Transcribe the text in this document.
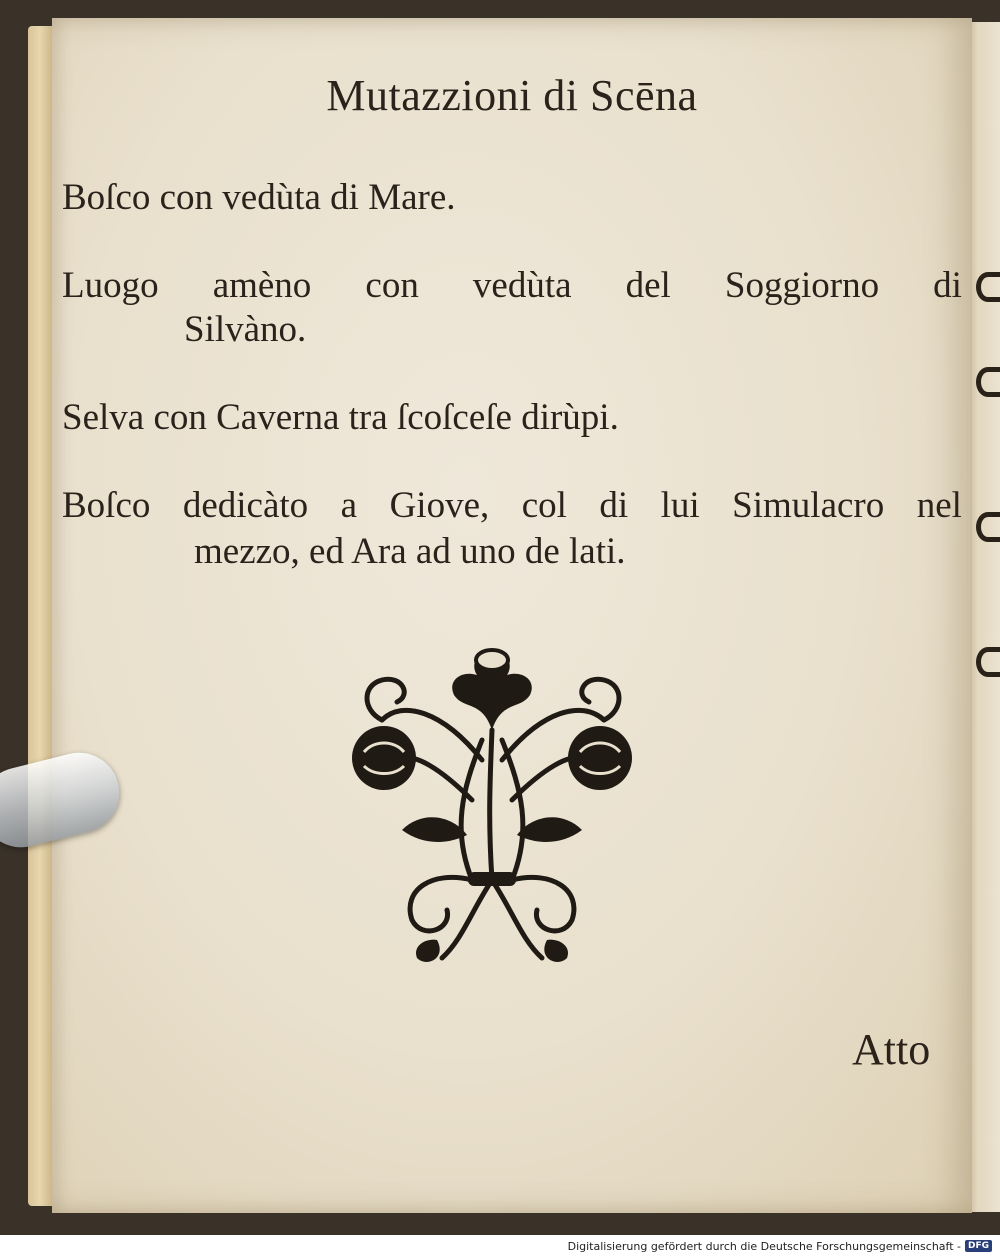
Mutazzioni di Scēna
Boſco con vedùta di Mare.
Luogo amèno con vedùta del Soggiorno di
Silvàno.
Selva con Caverna tra ſcoſceſe dirùpi.
Boſco dedicàto a Giove, col di lui Simulacro nel
mezzo, ed Ara ad uno de lati.
Atto
Digitalisierung gefördert durch die Deutsche Forschungsgemeinschaft - DFG
